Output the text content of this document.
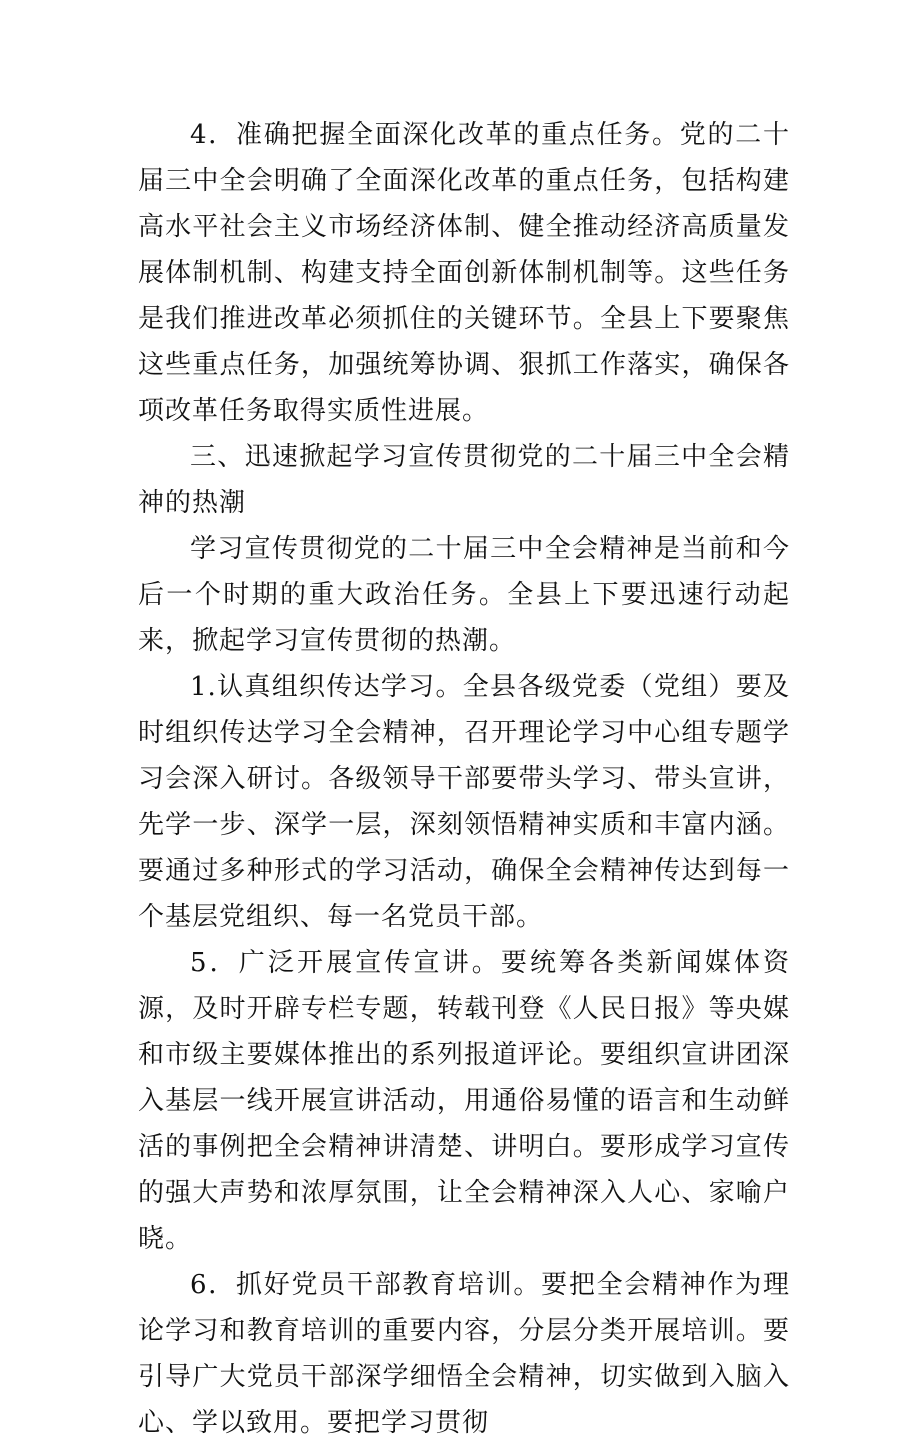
4．准确把握全面深化改革的重点任务。党的二十届三中全会明确了全面深化改革的重点任务，包括构建高水平社会主义市场经济体制、健全推动经济高质量发展体制机制、构建支持全面创新体制机制等。这些任务是我们推进改革必须抓住的关键环节。全县上下要聚焦这些重点任务，加强统筹协调、狠抓工作落实，确保各项改革任务取得实质性进展。

三、迅速掀起学习宣传贯彻党的二十届三中全会精神的热潮

学习宣传贯彻党的二十届三中全会精神是当前和今后一个时期的重大政治任务。全县上下要迅速行动起来，掀起学习宣传贯彻的热潮。

1.认真组织传达学习。全县各级党委（党组）要及时组织传达学习全会精神，召开理论学习中心组专题学习会深入研讨。各级领导干部要带头学习、带头宣讲，先学一步、深学一层，深刻领悟精神实质和丰富内涵。要通过多种形式的学习活动，确保全会精神传达到每一个基层党组织、每一名党员干部。

5．广泛开展宣传宣讲。要统筹各类新闻媒体资源，及时开辟专栏专题，转载刊登《人民日报》等央媒和市级主要媒体推出的系列报道评论。要组织宣讲团深入基层一线开展宣讲活动，用通俗易懂的语言和生动鲜活的事例把全会精神讲清楚、讲明白。要形成学习宣传的强大声势和浓厚氛围，让全会精神深入人心、家喻户晓。

6．抓好党员干部教育培训。要把全会精神作为理论学习和教育培训的重要内容，分层分类开展培训。要引导广大党员干部深学细悟全会精神，切实做到入脑入心、学以致用。要把学习贯彻
